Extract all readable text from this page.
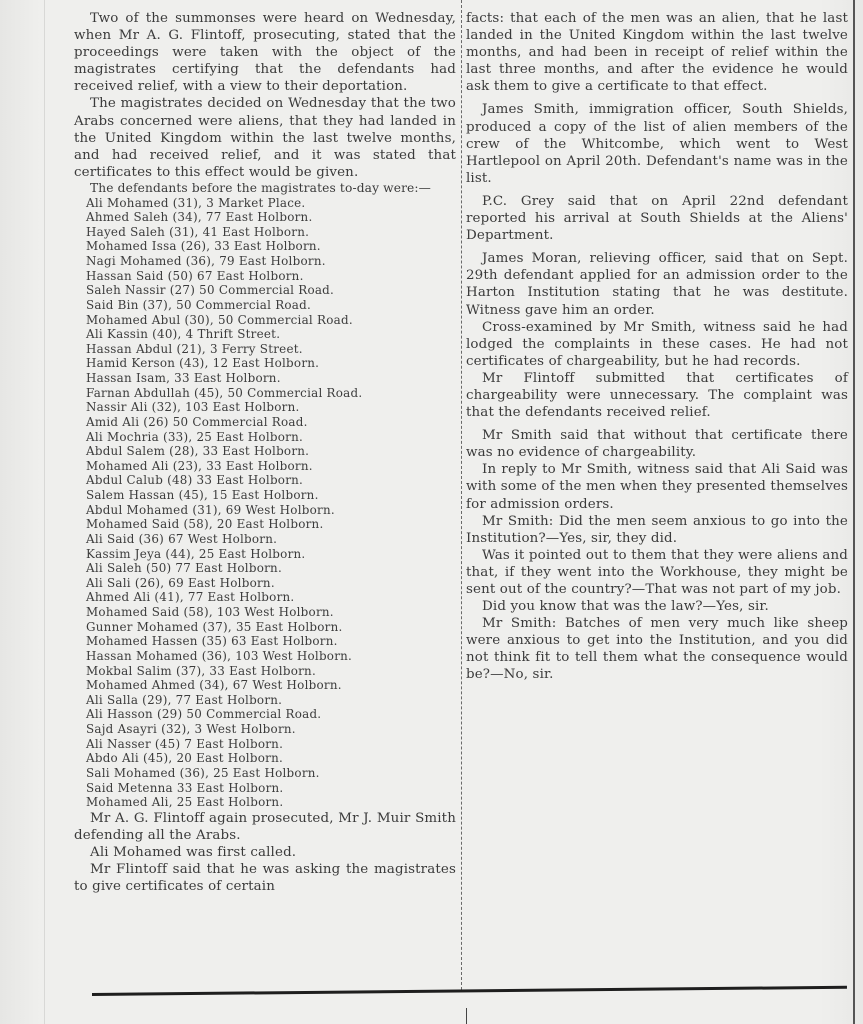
Two of the summonses were heard on Wednesday, when Mr A. G. Flintoff, prosecuting, stated that the proceedings were taken with the object of the magistrates certifying that the defendants had received relief, with a view to their deportation.

The magistrates decided on Wednesday that the two Arabs concerned were aliens, that they had landed in the United Kingdom within the last twelve months, and had received relief, and it was stated that certificates to this effect would be given.

The defendants before the magistrates to-day were:—

Ali Mohamed (31), 3 Market Place.
Ahmed Saleh (34), 77 East Holborn.
Hayed Saleh (31), 41 East Holborn.
Mohamed Issa (26), 33 East Holborn.
Nagi Mohamed (36), 79 East Holborn.
Hassan Said (50) 67 East Holborn.
Saleh Nassir (27) 50 Commercial Road.
Said Bin (37), 50 Commercial Road.
Mohamed Abul (30), 50 Commercial Road.
Ali Kassin (40), 4 Thrift Street.
Hassan Abdul (21), 3 Ferry Street.
Hamid Kerson (43), 12 East Holborn.
Hassan Isam, 33 East Holborn.
Farnan Abdullah (45), 50 Commercial Road.
Nassir Ali (32), 103 East Holborn.
Amid Ali (26) 50 Commercial Road.
Ali Mochria (33), 25 East Holborn.
Abdul Salem (28), 33 East Holborn.
Mohamed Ali (23), 33 East Holborn.
Abdul Calub (48) 33 East Holborn.
Salem Hassan (45), 15 East Holborn.
Abdul Mohamed (31), 69 West Holborn.
Mohamed Said (58), 20 East Holborn.
Ali Said (36) 67 West Holborn.
Kassim Jeya (44), 25 East Holborn.
Ali Saleh (50) 77 East Holborn.
Ali Sali (26), 69 East Holborn.
Ahmed Ali (41), 77 East Holborn.
Mohamed Said (58), 103 West Holborn.
Gunner Mohamed (37), 35 East Holborn.
Mohamed Hassen (35) 63 East Holborn.
Hassan Mohamed (36), 103 West Holborn.
Mokbal Salim (37), 33 East Holborn.
Mohamed Ahmed (34), 67 West Holborn.
Ali Salla (29), 77 East Holborn.
Ali Hasson (29) 50 Commercial Road.
Sajd Asayri (32), 3 West Holborn.
Ali Nasser (45) 7 East Holborn.
Abdo Ali (45), 20 East Holborn.
Sali Mohamed (36), 25 East Holborn.
Said Metenna 33 East Holborn.
Mohamed Ali, 25 East Holborn.

Mr A. G. Flintoff again prosecuted, Mr J. Muir Smith defending all the Arabs.

Ali Mohamed was first called.

Mr Flintoff said that he was asking the magistrates to give certificates of certain

facts: that each of the men was an alien, that he last landed in the United Kingdom within the last twelve months, and had been in receipt of relief within the last three months, and after the evidence he would ask them to give a certificate to that effect.

James Smith, immigration officer, South Shields, produced a copy of the list of alien members of the crew of the Whitcombe, which went to West Hartlepool on April 20th. Defendant's name was in the list.

P.C. Grey said that on April 22nd defendant reported his arrival at South Shields at the Aliens' Department.

James Moran, relieving officer, said that on Sept. 29th defendant applied for an admission order to the Harton Institution stating that he was destitute. Witness gave him an order.

Cross-examined by Mr Smith, witness said he had lodged the complaints in these cases. He had not certificates of chargeability, but he had records.

Mr Flintoff submitted that certificates of chargeability were unnecessary. The complaint was that the defendants received relief.

Mr Smith said that without that certificate there was no evidence of chargeability.

In reply to Mr Smith, witness said that Ali Said was with some of the men when they presented themselves for admission orders.

Mr Smith: Did the men seem anxious to go into the Institution?—Yes, sir, they did.

Was it pointed out to them that they were aliens and that, if they went into the Workhouse, they might be sent out of the country?—That was not part of my job.

Did you know that was the law?—Yes, sir.

Mr Smith: Batches of men very much like sheep were anxious to get into the Institution, and you did not think fit to tell them what the consequence would be?—No, sir.
